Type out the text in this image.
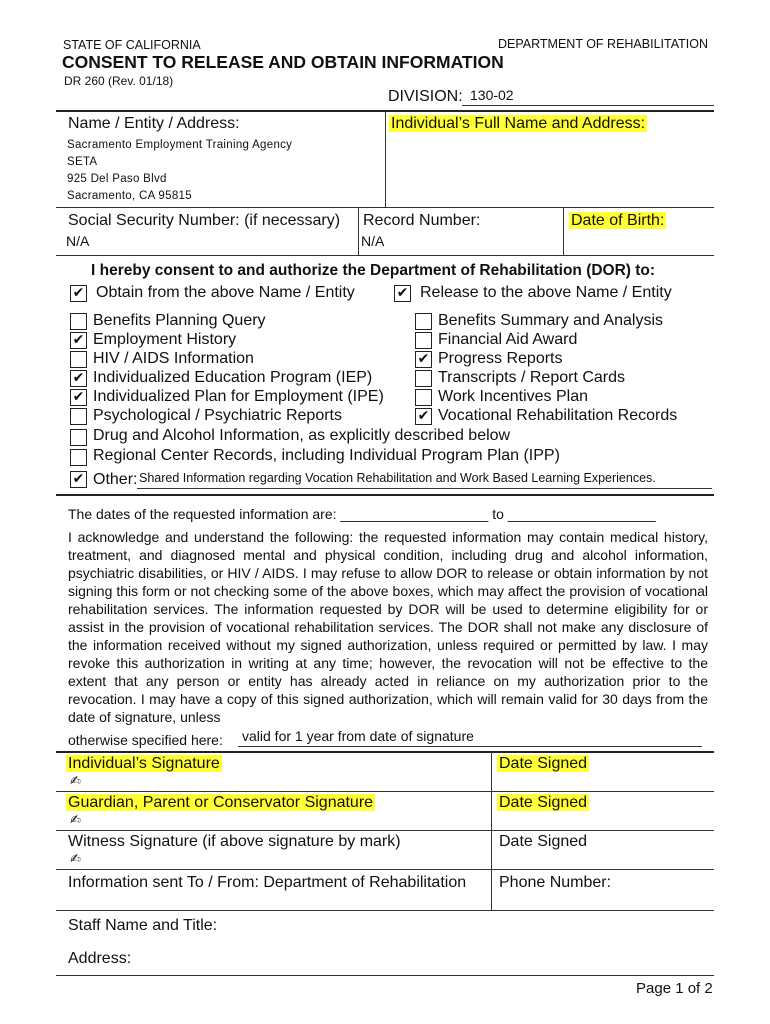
STATE OF CALIFORNIA	DEPARTMENT OF REHABILITATION
CONSENT TO RELEASE AND OBTAIN INFORMATION
DR 260 (Rev. 01/18)
DIVISION: 130-02
Name / Entity / Address:
Sacramento Employment Training Agency
SETA
925 Del Paso Blvd
Sacramento, CA 95815
Individual’s Full Name and Address:
Social Security Number: (if necessary)
N/A
Record Number:
N/A
Date of Birth:
I hereby consent to and authorize the Department of Rehabilitation (DOR) to:
✔ Obtain from the above Name / Entity	✔ Release to the above Name / Entity
Benefits Planning Query
✔ Employment History
HIV / AIDS Information
✔ Individualized Education Program (IEP)
✔ Individualized Plan for Employment (IPE)
Psychological / Psychiatric Reports
Benefits Summary and Analysis
Financial Aid Award
✔ Progress Reports
Transcripts / Report Cards
Work Incentives Plan
✔ Vocational Rehabilitation Records
Drug and Alcohol Information, as explicitly described below
Regional Center Records, including Individual Program Plan (IPP)
✔ Other: Shared Information regarding Vocation Rehabilitation and Work Based Learning Experiences.
The dates of the requested information are: ___________________ to ___________________
I acknowledge and understand the following: the requested information may contain medical history, treatment, and diagnosed mental and physical condition, including drug and alcohol information, psychiatric disabilities, or HIV / AIDS. I may refuse to allow DOR to release or obtain information by not signing this form or not checking some of the above boxes, which may affect the provision of vocational rehabilitation services. The information requested by DOR will be used to determine eligibility for or assist in the provision of vocational rehabilitation services. The DOR shall not make any disclosure of the information received without my signed authorization, unless required or permitted by law. I may revoke this authorization in writing at any time; however, the revocation will not be effective to the extent that any person or entity has already acted in reliance on my authorization prior to the revocation. I may have a copy of this signed authorization, which will remain valid for 30 days from the date of signature, unless
otherwise specified here: valid for 1 year from date of signature
Individual’s Signature
✍
Date Signed
Guardian, Parent or Conservator Signature
✍
Date Signed
Witness Signature (if above signature by mark)
✍
Date Signed
Information sent To / From: Department of Rehabilitation Phone Number:
Staff Name and Title:
Address:
Page 1 of 2
